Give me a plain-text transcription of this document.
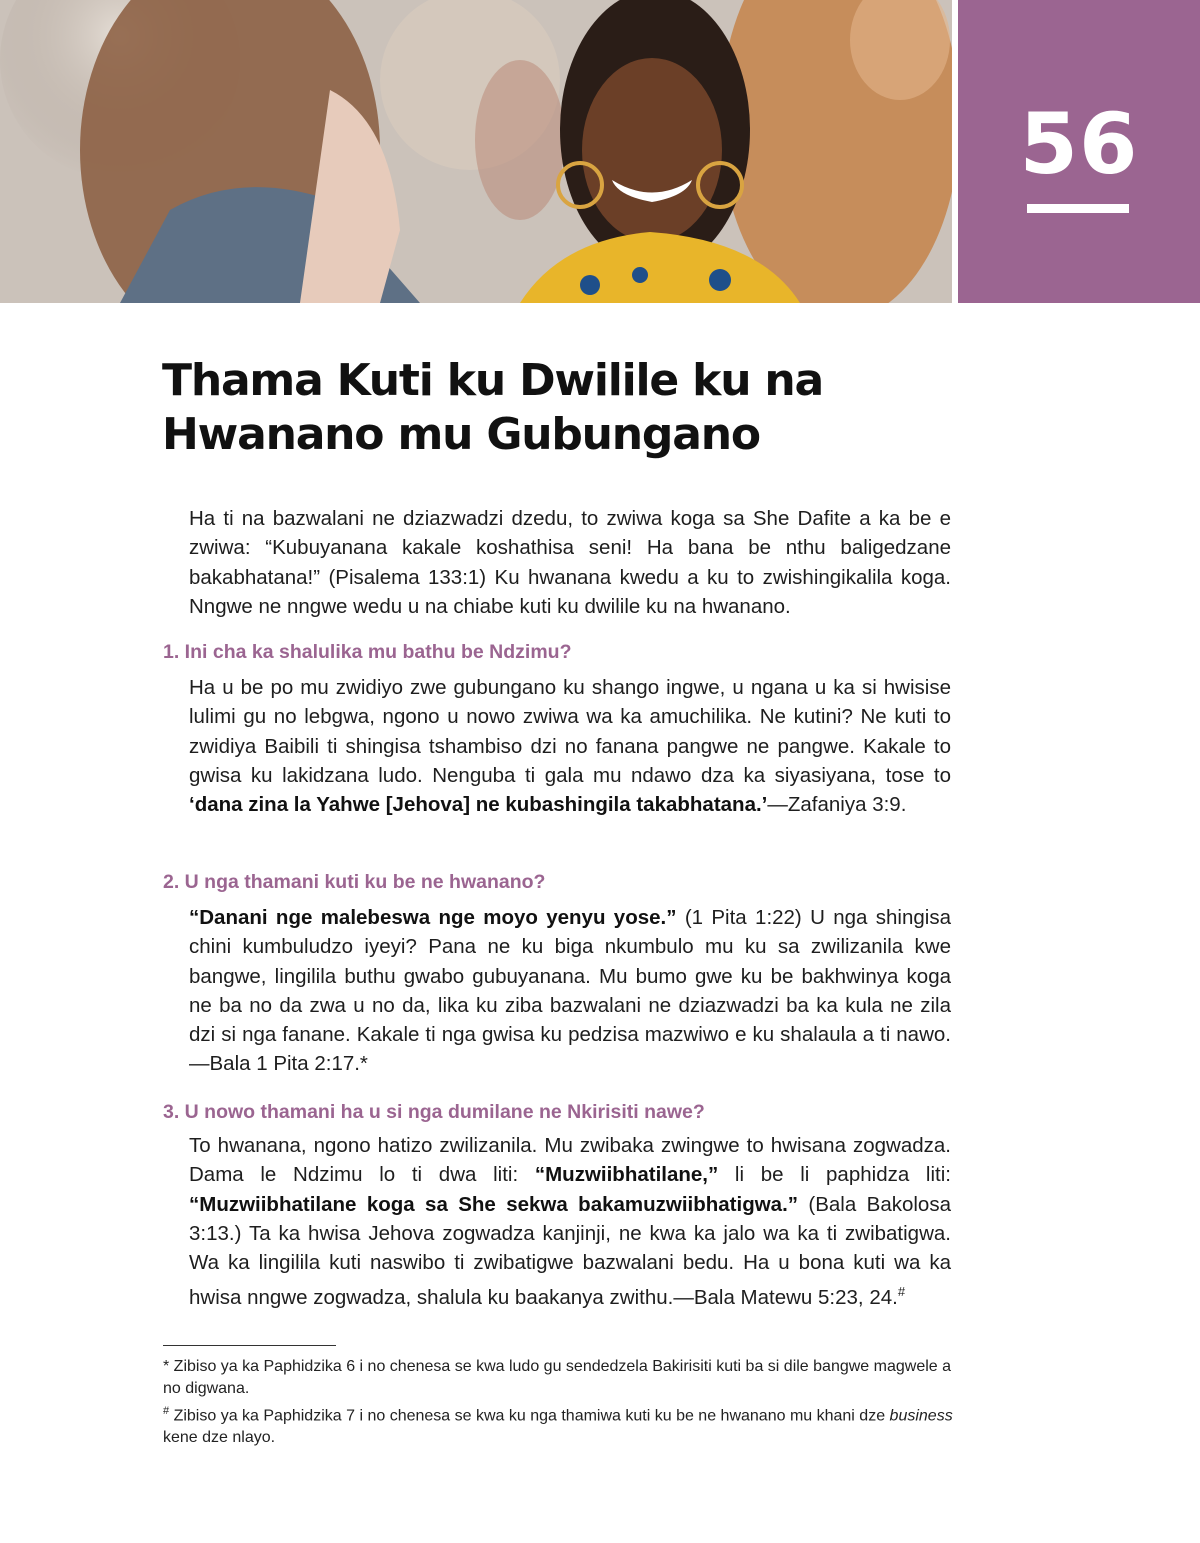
56
Thama Kuti ku Dwilile ku na
Hwanano mu Gubungano

Ha ti na bazwalani ne dziazwadzi dzedu, to zwiwa koga sa She Dafite a ka be e zwiwa: “Kubuyanana kakale koshathisa seni! Ha bana be nthu baligedzane bakabhatana!” (Pisalema 133:1) Ku hwanana kwedu a ku to zwishingikalila koga. Nngwe ne nngwe wedu u na chiabe kuti ku dwilile ku na hwanano.

1. Ini cha ka shalulika mu bathu be Ndzimu?

Ha u be po mu zwidiyo zwe gubungano ku shango ingwe, u ngana u ka si hwisise lulimi gu no lebgwa, ngono u nowo zwiwa wa ka amuchilika. Ne kutini? Ne kuti to zwidiya Baibili ti shingisa tshambiso dzi no fanana pangwe ne pangwe. Kakale to gwisa ku lakidzana ludo. Nenguba ti gala mu ndawo dza ka siyasiyana, tose to ‘dana zina la Yahwe [Jehova] ne kubashingila takabhatana.’—Zafaniya 3:9.

2. U nga thamani kuti ku be ne hwanano?

“Danani nge malebeswa nge moyo yenyu yose.” (1 Pita 1:22) U nga shingisa chini kumbuludzo iyeyi? Pana ne ku biga nkumbulo mu ku sa zwilizanila kwe bangwe, lingilila buthu gwabo gubuyanana. Mu bumo gwe ku be bakhwinya koga ne ba no da zwa u no da, lika ku ziba bazwalani ne dziazwadzi ba ka kula ne zila dzi si nga fanane. Kakale ti nga gwisa ku pedzisa mazwiwo e ku shalaula a ti nawo.—Bala 1 Pita 2:17.*

3. U nowo thamani ha u si nga dumilane ne Nkirisiti nawe?

To hwanana, ngono hatizo zwilizanila. Mu zwibaka zwingwe to hwisana zogwadza. Dama le Ndzimu lo ti dwa liti: “Muzwiibhatilane,” li be li paphidza liti: “Muzwiibhatilane koga sa She sekwa bakamuzwiibhatigwa.” (Bala Bakolosa 3:13.) Ta ka hwisa Jehova zogwadza kanjinji, ne kwa ka jalo wa ka ti zwibatigwa. Wa ka lingilila kuti naswibo ti zwibatigwe bazwalani bedu. Ha u bona kuti wa ka hwisa nngwe zogwadza, shalula ku baakanya zwithu.—Bala Matewu 5:23, 24.#

* Zibiso ya ka Paphidzika 6 i no chenesa se kwa ludo gu sendedzela Bakirisiti kuti ba si dile bangwe magwele a no digwana.

# Zibiso ya ka Paphidzika 7 i no chenesa se kwa ku nga thamiwa kuti ku be ne hwanano mu khani dze business kene dze nlayo.
